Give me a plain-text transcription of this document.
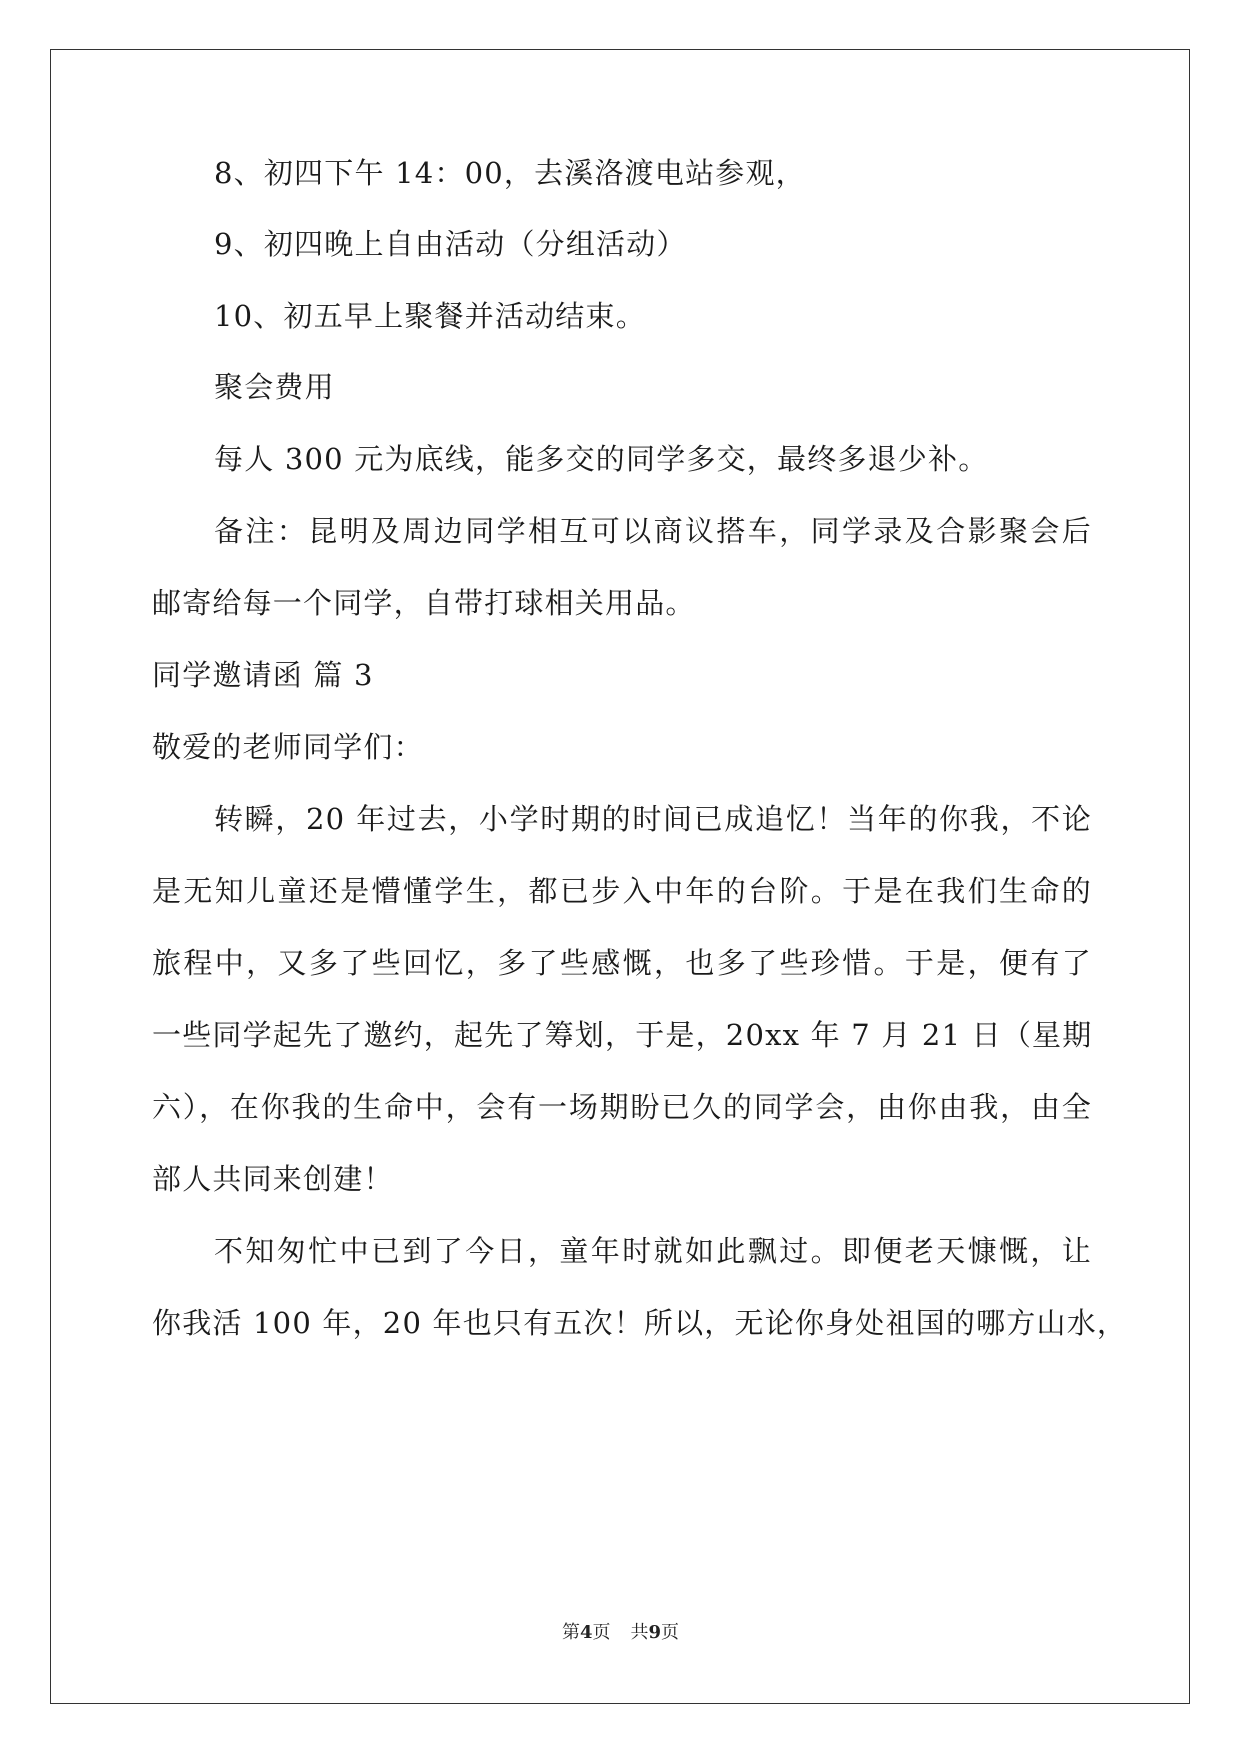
8、初四下午 14：00，去溪洛渡电站参观，

9、初四晚上自由活动（分组活动）

10、初五早上聚餐并活动结束。

聚会费用

每人 300 元为底线，能多交的同学多交，最终多退少补。

备注：昆明及周边同学相互可以商议搭车，同学录及合影聚会后

邮寄给每一个同学，自带打球相关用品。

同学邀请函 篇 3

敬爱的老师同学们：

转瞬，20 年过去，小学时期的时间已成追忆！当年的你我，不论

是无知儿童还是懵懂学生，都已步入中年的台阶。于是在我们生命的

旅程中，又多了些回忆，多了些感慨，也多了些珍惜。于是，便有了

一些同学起先了邀约，起先了筹划，于是，20xx 年 7 月 21 日（星期

六），在你我的生命中，会有一场期盼已久的同学会，由你由我，由全

部人共同来创建！

不知匆忙中已到了今日，童年时就如此飘过。即便老天慷慨，让

你我活 100 年，20 年也只有五次！所以，无论你身处祖国的哪方山水，

第4页 共9页
